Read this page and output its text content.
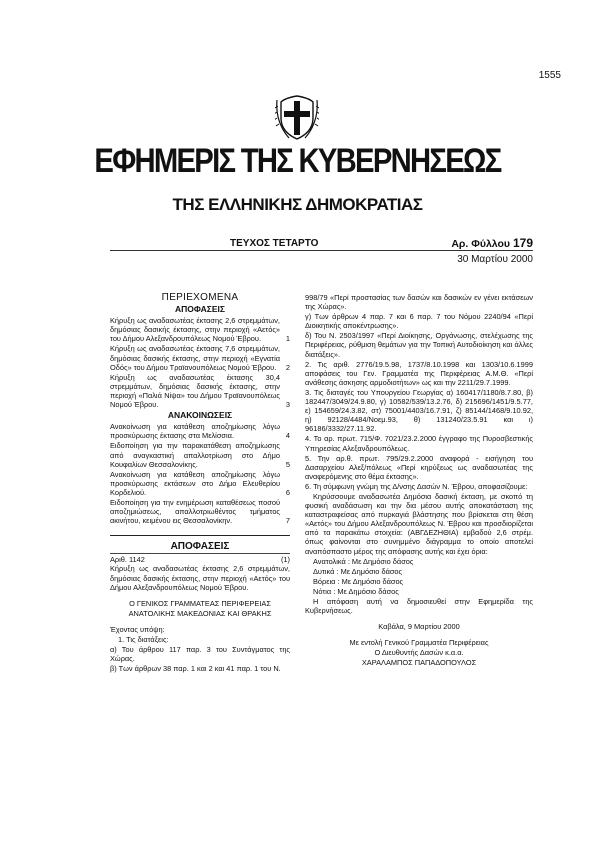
1555
ΕΦΗΜΕΡΙΣ ΤΗΣ ΚΥΒΕΡΝΗΣΕΩΣ
ΤΗΣ ΕΛΛΗΝΙΚΗΣ ΔΗΜΟΚΡΑΤΙΑΣ
ΤΕΥΧΟΣ ΤΕΤΑΡΤΟ	Αρ. Φύλλου 179
30 Μαρτίου 2000
ΠΕΡΙΕΧΟΜΕΝΑ
ΑΠΟΦΑΣΕΙΣ
Κήρυξη ως αναδασωτέας έκτασης 2,6 στρεμμάτων, δημόσιας δασικής έκτασης, στην περιοχή «Αετός» του Δήμου Αλεξανδρουπόλεως Νομού Έβρου.	1
Κήρυξη ως αναδασωτέας έκτασης 7,6 στρεμμάτων, δημόσιας δασικής έκτασης, στην περιοχή «Εγνατία Οδός» του Δήμου Τραϊανουπόλεως Νομού Έβρου.	2
Κήρυξη ως αναδασωτέας έκτασης 30,4 στρεμμάτων, δημόσιας δασικής έκτασης, στην περιοχή «Παλιά Νίψα» του Δήμου Τραϊανουπόλεως Νομού Έβρου.	3
ΑΝΑΚΟΙΝΩΣΕΙΣ
Ανακοίνωση για κατάθεση αποζημίωσης λόγω προσκύρωσης έκτασης στα Μελίσσια.	4
Ειδοποίηση για την παρακατάθεση αποζημίωσης από αναγκαστική απαλλοτρίωση στο Δήμο Κουφαλίων Θεσσαλονίκης.	5
Ανακοίνωση για κατάθεση αποζημίωσης λόγω προσκύρωσης εκτάσεων στο Δήμο Ελευθερίου Κορδελιού.	6
Ειδοποίηση για την ενημέρωση καταθέσεως ποσού αποζημιώσεως, απαλλοτριωθέντος τμήματος ακινήτου, κειμένου εις Θεσσαλονίκην.	7
ΑΠΟΦΑΣΕΙΣ
Αριθ. 1142	(1)

Κήρυξη ως αναδασωτέας έκτασης 2,6 στρεμμάτων, δημόσιας δασικής έκτασης, στην περιοχή «Αετός» του Δήμου Αλεξανδρουπόλεως Νομού Έβρου.

Ο ΓΕΝΙΚΟΣ ΓΡΑΜΜΑΤΕΑΣ ΠΕΡΙΦΕΡΕΙΑΣ

ΑΝΑΤΟΛΙΚΗΣ ΜΑΚΕΔΟΝΙΑΣ ΚΑΙ ΘΡΑΚΗΣ

Έχοντας υπόψη:

1. Τις διατάξεις:

α) Του άρθρου 117 παρ. 3 του Συντάγματος της Χώρας.

β) Των άρθρων 38 παρ. 1 και 2 και 41 παρ. 1 του Ν.

998/79 «Περί προστασίας των δασών και δασικών εν γένει εκτάσεων της Χώρας».

γ) Των άρθρων 4 παρ. 7 και 6 παρ. 7 του Νόμου 2240/94 «Περί Διοικητικής αποκέντρωσης».

δ) Του Ν. 2503/1997 «Περί Διοίκησης, Οργάνωσης, στελέχωσης της Περιφέρειας, ρύθμιση θεμάτων για την Τοπική Αυτοδιοίκηση και άλλες διατάξεις».

2. Τις αριθ. 2776/19.5.98, 1737/8.10.1998 και 1303/10.6.1999 αποφάσεις του Γεν. Γραμματέα της Περιφέρειας Α.Μ.Θ. «Περί ανάθεσης άσκησης αρμοδιοτήτων» ως και την 2211/29.7.1999.

3. Τις διαταγές του Υπουργείου Γεωργίας α) 160417/1180/8.7.80, β) 182447/3049/24.9.80, γ) 10582/539/13.2.76, δ) 215696/1451/9.5.77, ε) 154659/24.3.82, στ) 75001/4403/16.7.91, ζ) 85144/1468/9.10.92, η) 92128/4484/Νοεμ.93, θ) 131240/23.5.91 και ι) 96186/3332/27.11.92.

4. Το αρ. πρωτ. 715/Φ. 7021/23.2.2000 έγγραφο της Πυροσβεστικής Υπηρεσίας Αλεξανδρουπόλεως.

5. Την αρ.θ. πρωτ. 795/29.2.2000 αναφορά - εισήγηση του Δασαρχείου Αλεξ/πόλεως «Περί κηρύξεως ως αναδασωτέας της αναφερόμενης στο θέμα έκτασης».

6. Τη σύμφωνη γνώμη της Δ/νσης Δασών Ν. Έβρου, αποφασίζουμε:

Κηρύσσουμε αναδασωτέα Δημόσια δασική έκταση, με σκοπό τη φυσική αναδάσωση και την δια μέσου αυτής αποκατάσταση της καταστραφείσας από πυρκαγιά βλάστησης που βρίσκεται στη θέση «Αετός» του Δήμου Αλεξανδρουπόλεως Ν. Έβρου και προσδιορίζεται από τα παρακάτω στοιχεία: (ΑΒΓΔΕΖΗΘΙΑ) εμβαδού 2,6 στρέμ. όπως φαίνονται στο συνημμένο διάγραμμα το οποίο αποτελεί αναπόσπαστο μέρος της απόφασης αυτής και έχει όρια:

Ανατολικά : Με Δημόσιο δάσος

Δυτικά : Με Δημόσιο δάσος

Βόρεια : Με Δημόσιο δάσος

Νότια : Με Δημόσιο δάσος

Η απόφαση αυτή να δημοσιευθεί στην Εφημερίδα της Κυβερνήσεως.

Καβάλα, 9 Μαρτίου 2000

Με εντολή Γενικού Γραμματέα Περιφέρειας

Ο Διευθυντής Δασών κ.α.α.

ΧΑΡΑΛΑΜΠΟΣ ΠΑΠΑΔΟΠΟΥΛΟΣ
